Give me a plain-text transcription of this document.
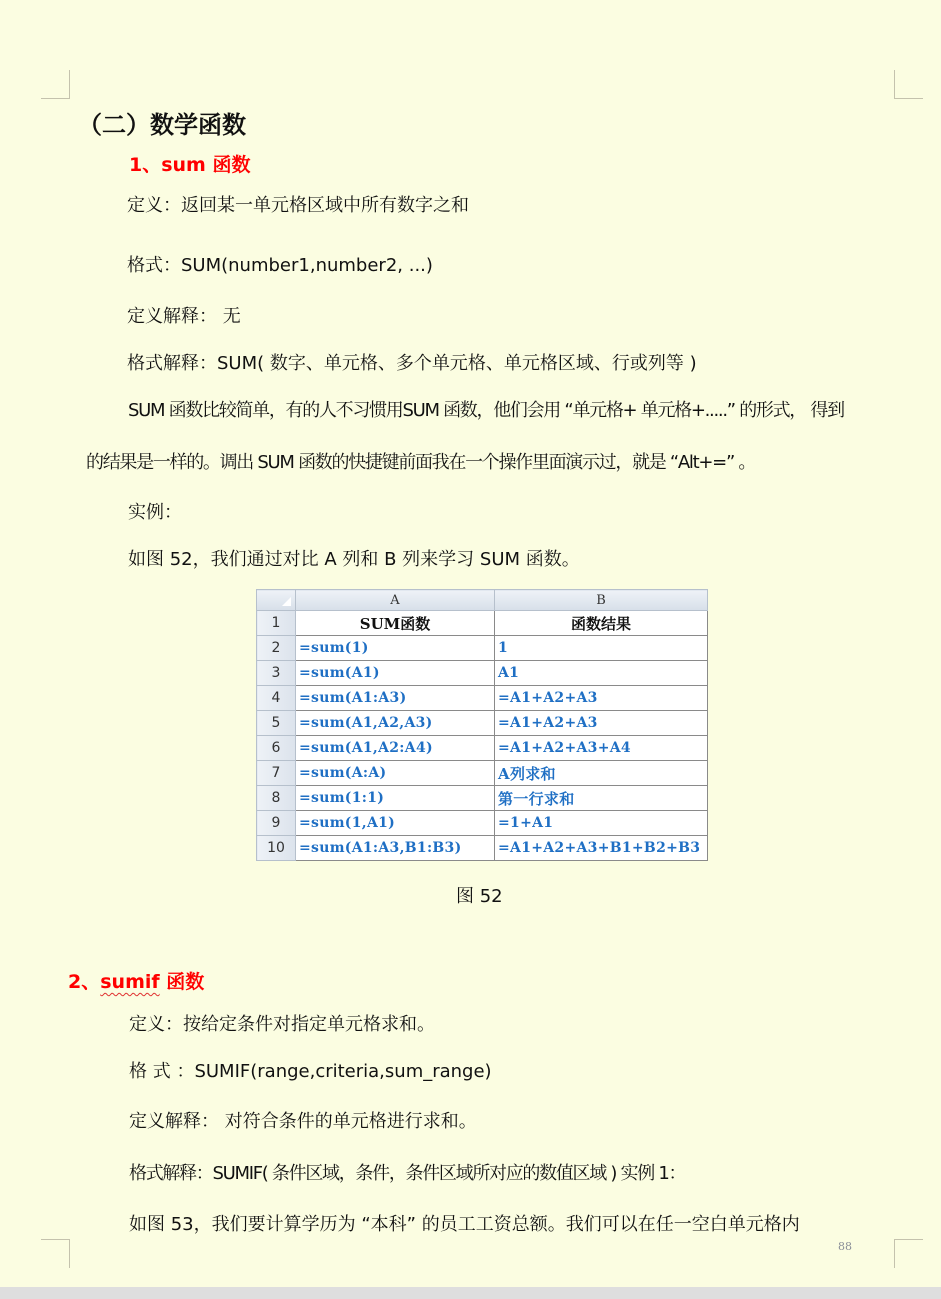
（二）数学函数
1、sum 函数
定义：返回某一单元格区域中所有数字之和
格式：SUM(number1,number2, ...)
定义解释： 无
格式解释：SUM( 数字、单元格、多个单元格、单元格区域、行或列等 )
SUM 函数比较简单，有的人不习惯用SUM 函数，他们会用 “单元格+ 单元格+.....” 的形式， 得到
的结果是一样的。调出 SUM 函数的快捷键前面我在一个操作里面演示过，就是 “Alt+=” 。
实例：
如图 52，我们通过对比 A 列和 B 列来学习 SUM 函数。
	A	B
1	SUM函数	函数结果
2	=sum(1)	1
3	=sum(A1)	A1
4	=sum(A1:A3)	=A1+A2+A3
5	=sum(A1,A2,A3)	=A1+A2+A3
6	=sum(A1,A2:A4)	=A1+A2+A3+A4
7	=sum(A:A)	A列求和
8	=sum(1:1)	第一行求和
9	=sum(1,A1)	=1+A1
10	=sum(A1:A3,B1:B3)	=A1+A2+A3+B1+B2+B3
图 52
2、sumif 函数
定义：按给定条件对指定单元格求和。
格 式 ：SUMIF(range,criteria,sum_range)
定义解释： 对符合条件的单元格进行求和。
格式解释：SUMIF( 条件区域，条件，条件区域所对应的数值区域 ) 实例 1：
如图 53，我们要计算学历为 “本科” 的员工工资总额。我们可以在任一空白单元格内
88
